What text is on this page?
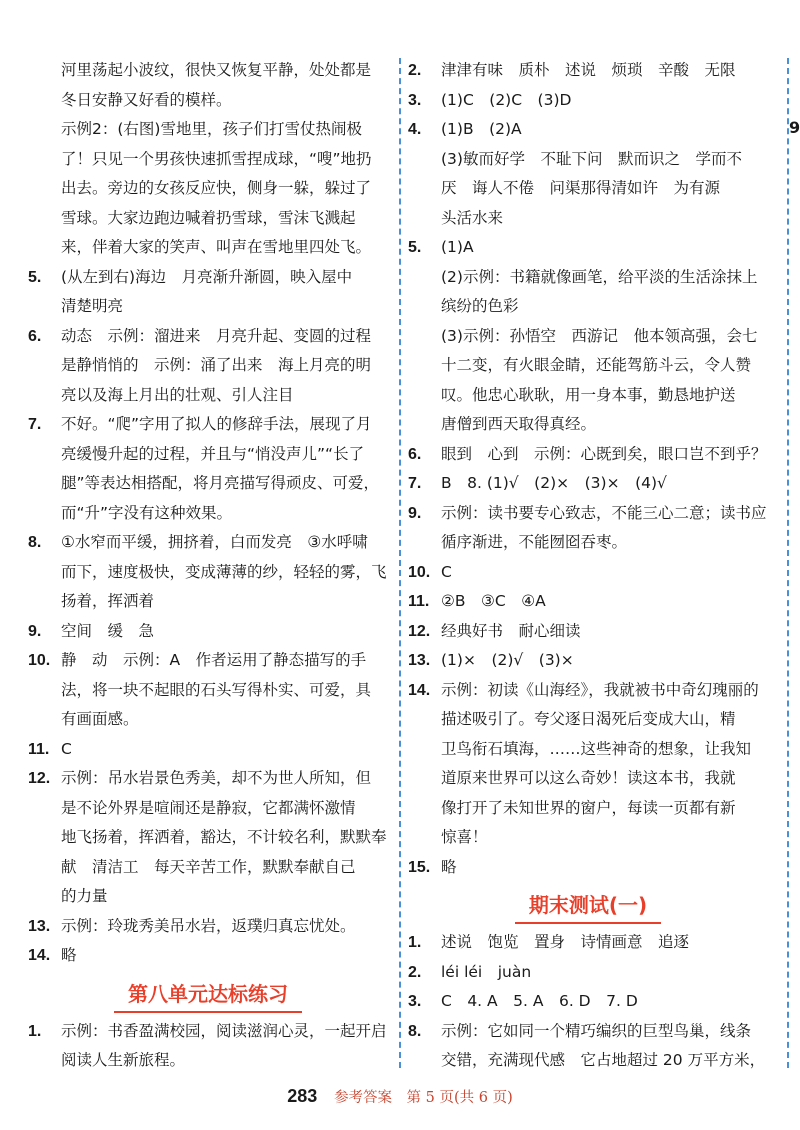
9
河里荡起小波纹，很快又恢复平静，处处都是
冬日安静又好看的模样。
示例2：(右图)雪地里，孩子们打雪仗热闹极
了！只见一个男孩快速抓雪捏成球，“嗖”地扔
出去。旁边的女孩反应快，侧身一躲，躲过了
雪球。大家边跑边喊着扔雪球，雪沫飞溅起
来，伴着大家的笑声、叫声在雪地里四处飞。
5.	(从左到右)海边　月亮渐升渐圆，映入屋中
清楚明亮
6.	动态　示例：溜进来　月亮升起、变圆的过程
是静悄悄的　示例：涌了出来　海上月亮的明
亮以及海上月出的壮观、引人注目
7.	不好。“爬”字用了拟人的修辞手法，展现了月
亮缓慢升起的过程，并且与“悄没声儿”“长了
腿”等表达相搭配，将月亮描写得顽皮、可爱，
而“升”字没有这种效果。
8.	①水窄而平缓，拥挤着，白而发亮　③水呼啸
而下，速度极快，变成薄薄的纱，轻轻的雾，飞
扬着，挥洒着
9.	空间　缓　急
10. 静　动　示例：A　作者运用了静态描写的手
法，将一块不起眼的石头写得朴实、可爱，具
有画面感。
11. C
12. 示例：吊水岩景色秀美，却不为世人所知，但
是不论外界是喧闹还是静寂，它都满怀激情
地飞扬着，挥洒着，豁达，不计较名利，默默奉
献　清洁工　每天辛苦工作，默默奉献自己
的力量
13. 示例：玲珑秀美吊水岩，返璞归真忘忧处。
14. 略
第八单元达标练习
1.	示例：书香盈满校园，阅读滋润心灵，一起开启
阅读人生新旅程。
2.	津津有味　质朴　述说　烦琐　辛酸　无限
3.	(1)C　(2)C　(3)D
4.	(1)B　(2)A
(3)敏而好学　不耻下问　默而识之　学而不
厌　诲人不倦　问渠那得清如许　为有源
头活水来
5.	(1)A
(2)示例：书籍就像画笔，给平淡的生活涂抹上
缤纷的色彩
(3)示例：孙悟空　西游记　他本领高强，会七
十二变，有火眼金睛，还能驾筋斗云，令人赞
叹。他忠心耿耿，用一身本事，勤恳地护送
唐僧到西天取得真经。
6.	眼到　心到　示例：心既到矣，眼口岂不到乎？
7.	B　8. (1)√　(2)×　(3)×　(4)√
9.	示例：读书要专心致志，不能三心二意；读书应
循序渐进，不能囫囵吞枣。
10. C
11. ②B　③C　④A
12. 经典好书　耐心细读
13. (1)×　(2)√　(3)×
14. 示例：初读《山海经》，我就被书中奇幻瑰丽的
描述吸引了。夸父逐日渴死后变成大山，精
卫鸟衔石填海，……这些神奇的想象，让我知
道原来世界可以这么奇妙！读这本书，我就
像打开了未知世界的窗户，每读一页都有新
惊喜！
15. 略
期末测试(一)
1.	述说　饱览　置身　诗情画意　追逐
2.	léi léi　juàn
3.	C　4. A　5. A　6. D　7. D
8.	示例：它如同一个精巧编织的巨型鸟巢，线条
交错，充满现代感　它占地超过 20 万平方米，
283 参考答案　第 5 页(共 6 页)
